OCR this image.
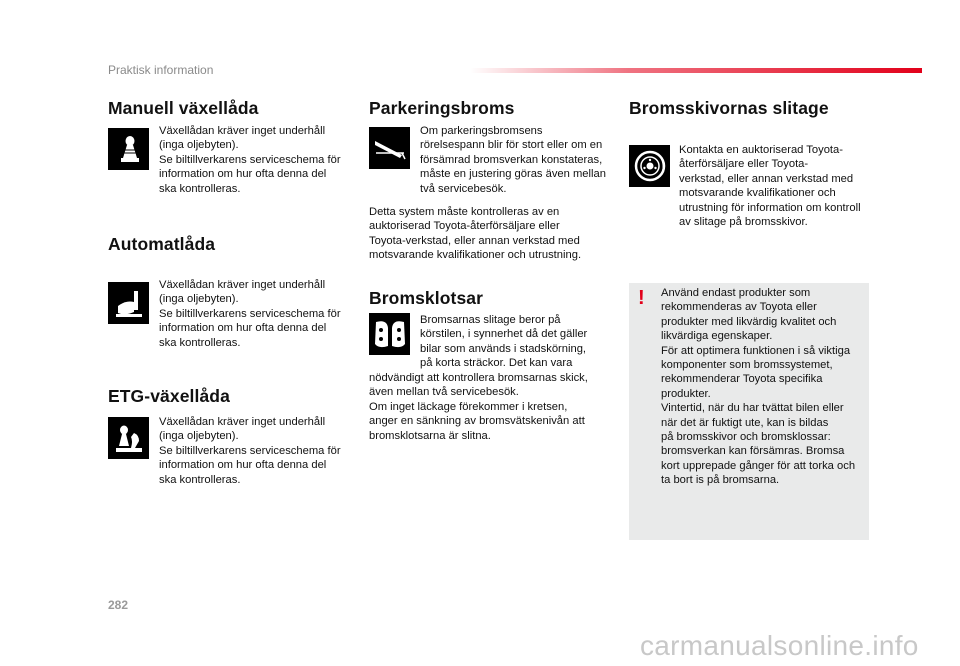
Praktisk information
Manuell växellåda

Växellådan kräver inget underhåll
(inga oljebyten).
Se biltillverkarens serviceschema för
information om hur ofta denna del
ska kontrolleras.

Automatlåda

Växellådan kräver inget underhåll
(inga oljebyten).
Se biltillverkarens serviceschema för
information om hur ofta denna del
ska kontrolleras.

ETG-växellåda

Växellådan kräver inget underhåll
(inga oljebyten).
Se biltillverkarens serviceschema för
information om hur ofta denna del
ska kontrolleras.

Parkeringsbroms

Om parkeringsbromsens
rörelsespann blir för stort eller om en
försämrad bromsverkan konstateras,
måste en justering göras även mellan
två servicebesök.

Detta system måste kontrolleras av en
auktoriserad Toyota-återförsäljare eller
Toyota-verkstad, eller annan verkstad med
motsvarande kvalifikationer och utrustning.

Bromsklotsar

Bromsarnas slitage beror på
körstilen, i synnerhet då det gäller
bilar som används i stadskörning,
på korta sträckor. Det kan vara

nödvändigt att kontrollera bromsarnas skick,
även mellan två servicebesök.
Om inget läckage förekommer i kretsen,
anger en sänkning av bromsvätskenivån att
bromsklotsarna är slitna.

Bromsskivornas slitage

Kontakta en auktoriserad Toyota-
återförsäljare eller Toyota-
verkstad, eller annan verkstad med
motsvarande kvalifikationer och
utrustning för information om kontroll
av slitage på bromsskivor.

! Använd endast produkter som
rekommenderas av Toyota eller
produkter med likvärdig kvalitet och
likvärdiga egenskaper.
För att optimera funktionen i så viktiga
komponenter som bromssystemet,
rekommenderar Toyota specifika
produkter.
Vintertid, när du har tvättat bilen eller
när det är fuktigt ute, kan is bildas
på bromsskivor och bromsklossar:
bromsverkan kan försämras. Bromsa
kort upprepade gånger för att torka och
ta bort is på bromsarna.

282
carmanualsonline.info
